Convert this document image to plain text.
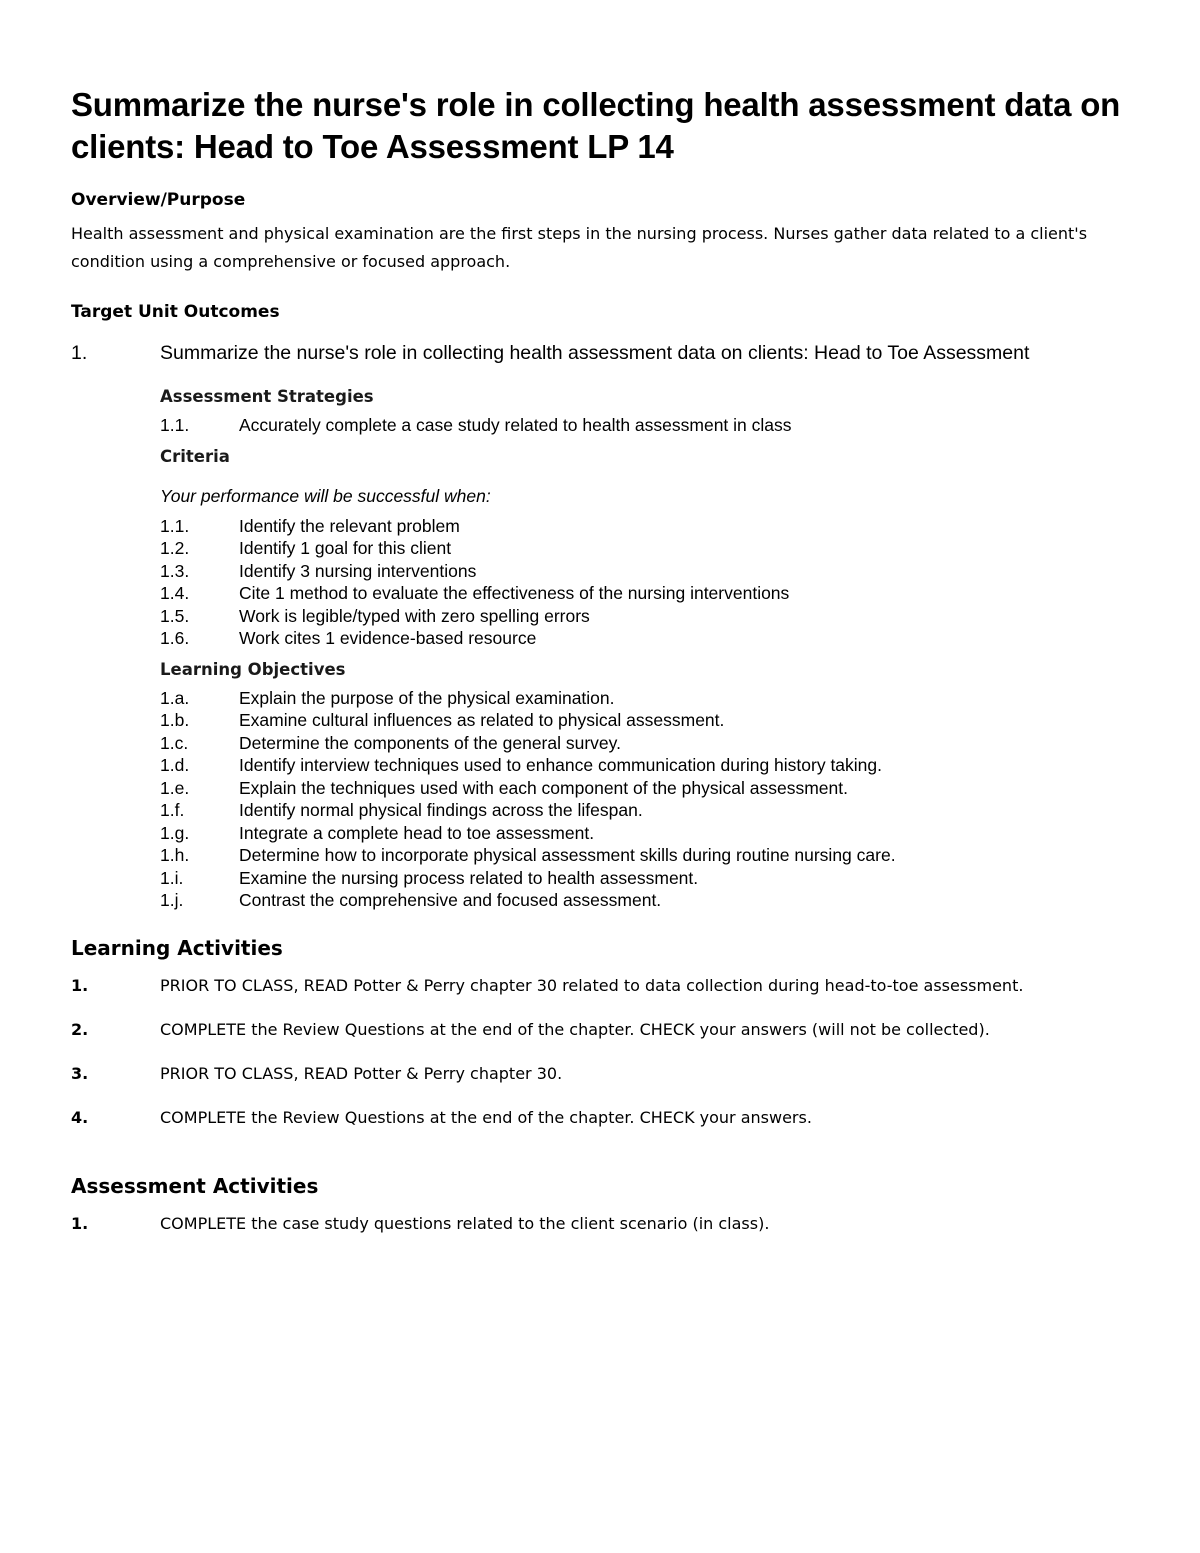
Summarize the nurse's role in collecting health assessment data on clients: Head to Toe Assessment LP 14
Overview/Purpose

Health assessment and physical examination are the first steps in the nursing process. Nurses gather data related to a client's condition using a comprehensive or focused approach.

Target Unit Outcomes
1.	Summarize the nurse's role in collecting health assessment data on clients: Head to Toe Assessment
Assessment Strategies
1.1.	Accurately complete a case study related to health assessment in class
Criteria
Your performance will be successful when:
1.1.	Identify the relevant problem
1.2.	Identify 1 goal for this client
1.3.	Identify 3 nursing interventions
1.4.	Cite 1 method to evaluate the effectiveness of the nursing interventions
1.5.	Work is legible/typed with zero spelling errors
1.6.	Work cites 1 evidence-based resource
Learning Objectives
1.a.	Explain the purpose of the physical examination.
1.b.	Examine cultural influences as related to physical assessment.
1.c.	Determine the components of the general survey.
1.d.	Identify interview techniques used to enhance communication during history taking.
1.e.	Explain the techniques used with each component of the physical assessment.
1.f.	Identify normal physical findings across the lifespan.
1.g.	Integrate a complete head to toe assessment.
1.h.	Determine how to incorporate physical assessment skills during routine nursing care.
1.i.	Examine the nursing process related to health assessment.
1.j.	Contrast the comprehensive and focused assessment.
Learning Activities
1.	PRIOR TO CLASS, READ Potter & Perry chapter 30 related to data collection during head-to-toe assessment.
2.	COMPLETE the Review Questions at the end of the chapter. CHECK your answers (will not be collected).
3.	PRIOR TO CLASS, READ Potter & Perry chapter 30.
4.	COMPLETE the Review Questions at the end of the chapter. CHECK your answers.
Assessment Activities
1.	COMPLETE the case study questions related to the client scenario (in class).
